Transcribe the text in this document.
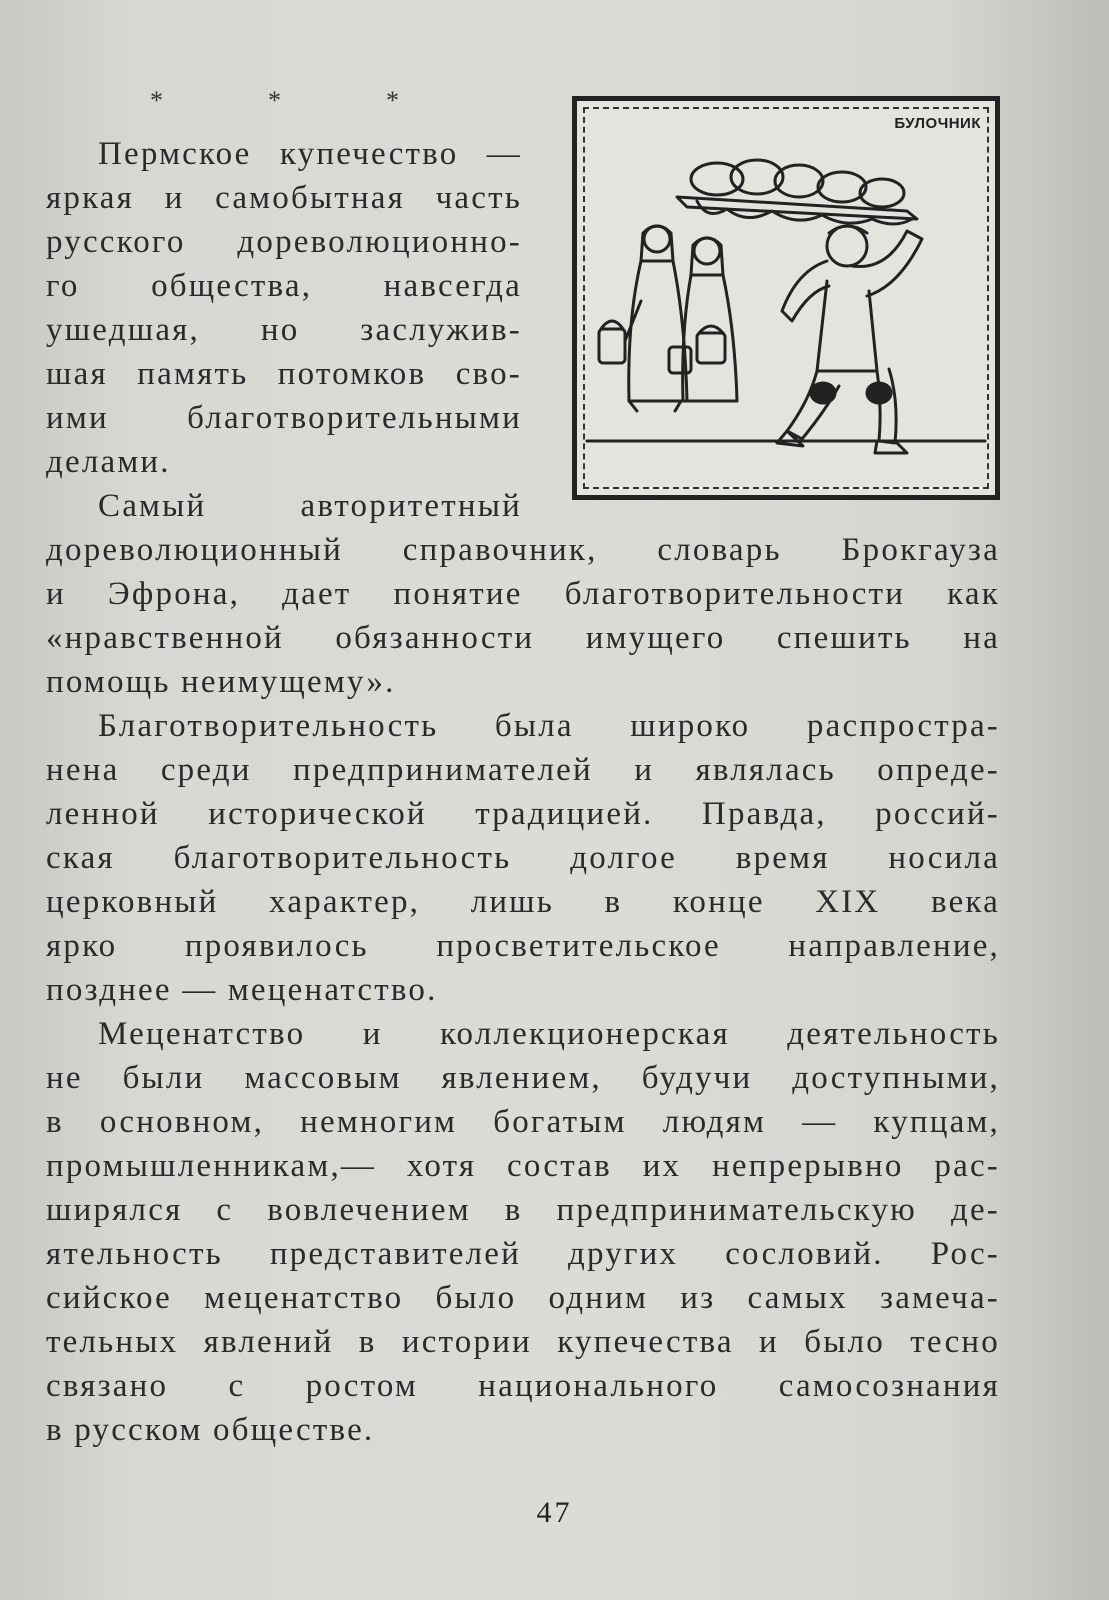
*	*	*
БУЛОЧНИК
Пермское купечество —
яркая и самобытная часть
русского дореволюционно-
го общества, навсегда
ушедшая, но заслужив-
шая память потомков сво-
ими благотворительными
делами.
Самый авторитетный
дореволюционный справочник, словарь Брокгауза
и Эфрона, дает понятие благотворительности как
«нравственной обязанности имущего спешить на
помощь неимущему».
Благотворительность была широко распростра-
нена среди предпринимателей и являлась опреде-
ленной исторической традицией. Правда, россий-
ская благотворительность долгое время носила
церковный характер, лишь в конце XIX века
ярко проявилось просветительское направление,
позднее — меценатство.
Меценатство и коллекционерская деятельность
не были массовым явлением, будучи доступными,
в основном, немногим богатым людям — купцам,
промышленникам,— хотя состав их непрерывно рас-
ширялся с вовлечением в предпринимательскую де-
ятельность представителей других сословий. Рос-
сийское меценатство было одним из самых замеча-
тельных явлений в истории купечества и было тесно
связано с ростом национального самосознания
в русском обществе.
47
